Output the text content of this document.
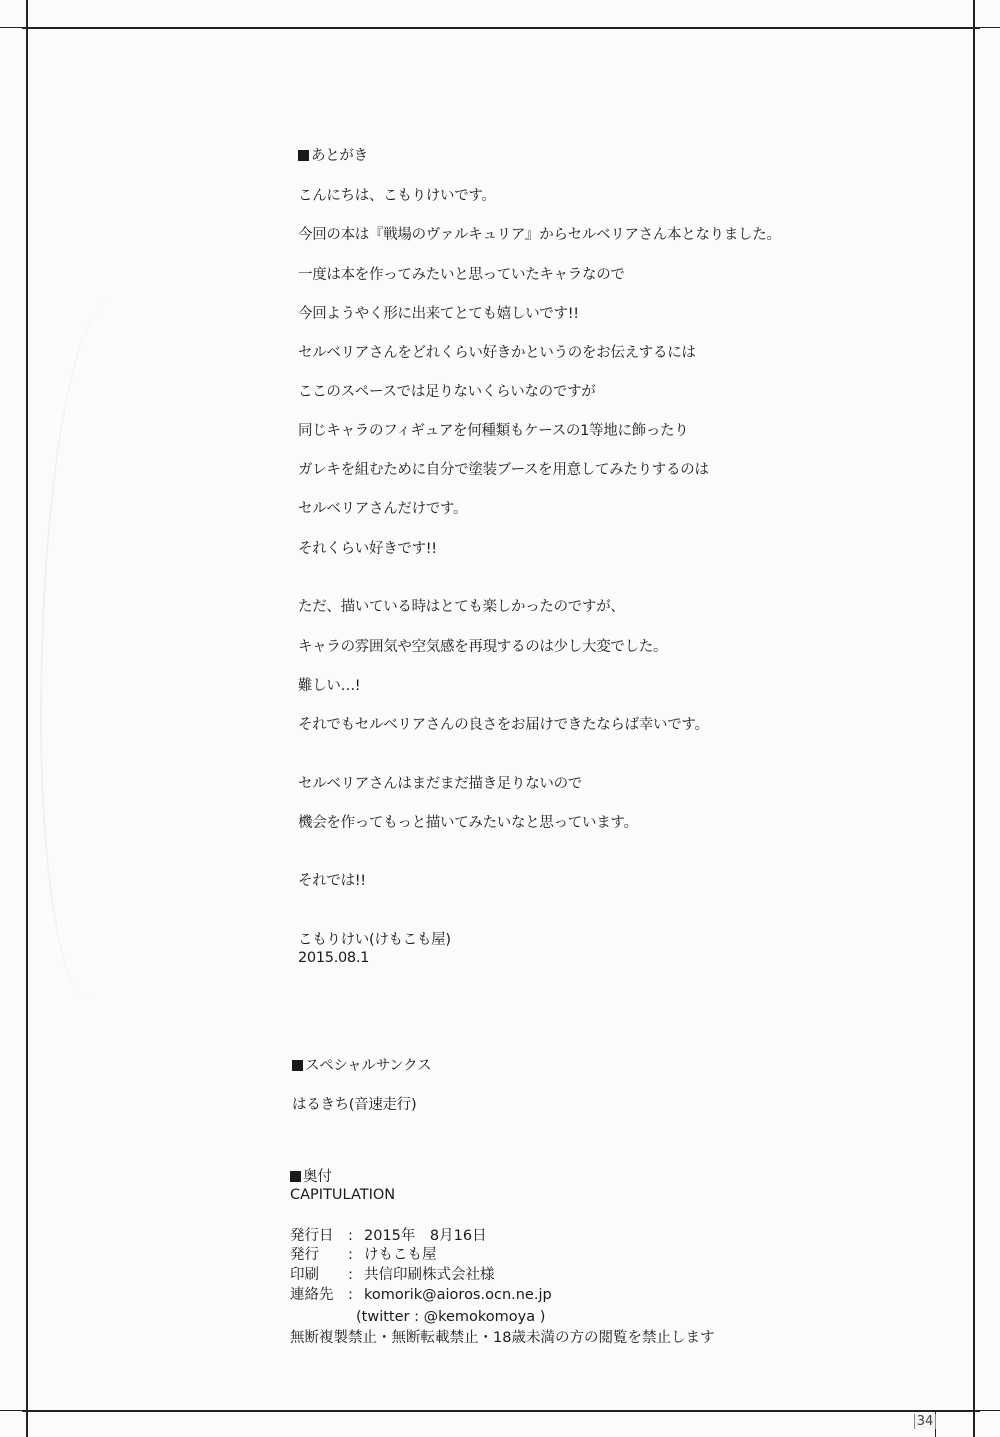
あとがき
こんにちは、こもりけいです。
今回の本は『戦場のヴァルキュリア』からセルベリアさん本となりました。
一度は本を作ってみたいと思っていたキャラなので
今回ようやく形に出来てとても嬉しいです!!
セルベリアさんをどれくらい好きかというのをお伝えするには
ここのスペースでは足りないくらいなのですが
同じキャラのフィギュアを何種類もケースの1等地に飾ったり
ガレキを組むために自分で塗装ブースを用意してみたりするのは
セルベリアさんだけです。
それくらい好きです!!
ただ、描いている時はとても楽しかったのですが、
キャラの雰囲気や空気感を再現するのは少し大変でした。
難しい…!
それでもセルベリアさんの良さをお届けできたならば幸いです。
セルベリアさんはまだまだ描き足りないので
機会を作ってもっと描いてみたいなと思っています。
それでは!!
こもりけい(けもこも屋)
2015.08.1
スペシャルサンクス
はるきち(音速走行)
奥付
CAPITULATION
発行日 : 2015年　8月16日
発行 : けもこも屋
印刷 : 共信印刷株式会社様
連絡先 : komorik@aioros.ocn.ne.jp
(twitter : @kemokomoya )
無断複製禁止・無断転載禁止・18歳未満の方の閲覧を禁止します
34
